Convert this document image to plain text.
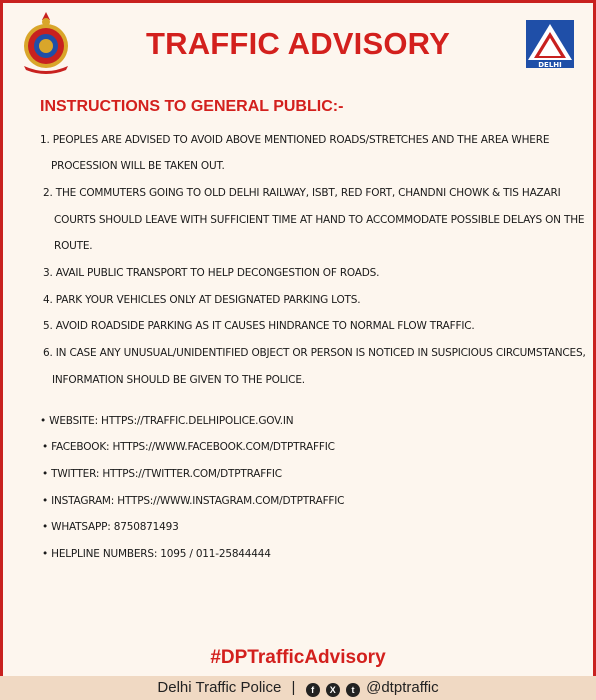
TRAFFIC ADVISORY
DELHI
INSTRUCTIONS TO GENERAL PUBLIC:-
1. PEOPLES ARE ADVISED TO AVOID ABOVE MENTIONED ROADS/STRETCHES AND THE AREA WHERE
PROCESSION WILL BE TAKEN OUT.
2. THE COMMUTERS GOING TO OLD DELHI RAILWAY, ISBT, RED FORT, CHANDNI CHOWK & TIS HAZARI
COURTS SHOULD LEAVE WITH SUFFICIENT TIME AT HAND TO ACCOMMODATE POSSIBLE DELAYS ON THE
ROUTE.
3. AVAIL PUBLIC TRANSPORT TO HELP DECONGESTION OF ROADS.
4. PARK YOUR VEHICLES ONLY AT DESIGNATED PARKING LOTS.
5. AVOID ROADSIDE PARKING AS IT CAUSES HINDRANCE TO NORMAL FLOW TRAFFIC.
6. IN CASE ANY UNUSUAL/UNIDENTIFIED OBJECT OR PERSON IS NOTICED IN SUSPICIOUS CIRCUMSTANCES,
INFORMATION SHOULD BE GIVEN TO THE POLICE.
• WEBSITE: HTTPS://TRAFFIC.DELHIPOLICE.GOV.IN
• FACEBOOK: HTTPS://WWW.FACEBOOK.COM/DTPTRAFFIC
• TWITTER: HTTPS://TWITTER.COM/DTPTRAFFIC
• INSTAGRAM: HTTPS://WWW.INSTAGRAM.COM/DTPTRAFFIC
• WHATSAPP: 8750871493
• HELPLINE NUMBERS: 1095 / 011-25844444
#DPTrafficAdvisory
Delhi Traffic Police | f X t @dtptraffic
